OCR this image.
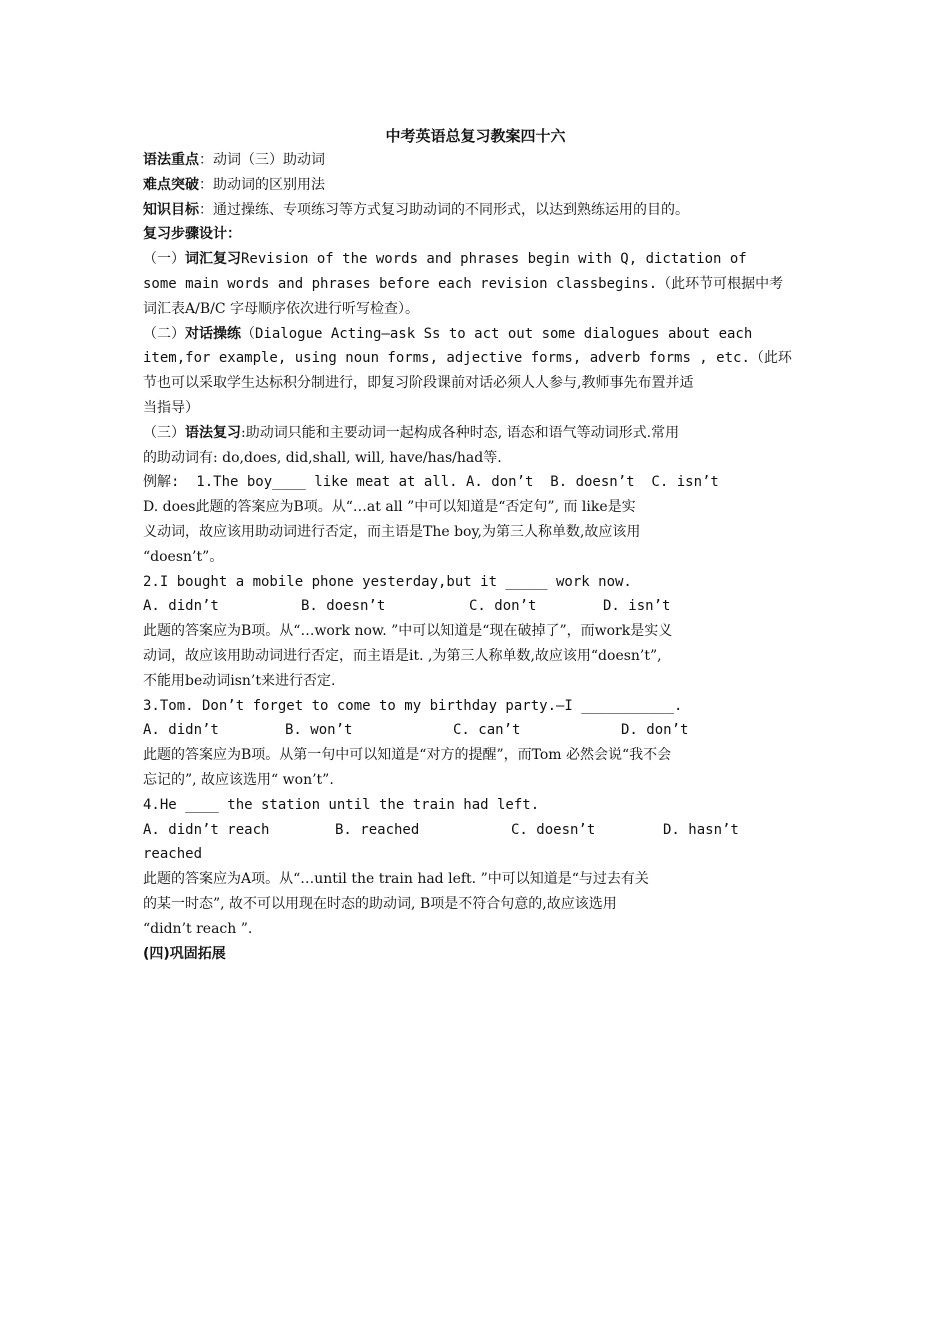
中考英语总复习教案四十六
语法重点：动词（三）助动词
难点突破：助动词的区别用法
知识目标：通过操练、专项练习等方式复习助动词的不同形式，以达到熟练运用的目的。
复习步骤设计：
（一）词汇复习Revision of the words and phrases begin with Q, dictation of
some main words and phrases before each revision classbegins.（此环节可根据中考
词汇表A/B/C 字母顺序依次进行听写检查）。
（二）对话操练（Dialogue Acting—ask Ss to act out some dialogues about each
item,for example, using noun forms, adjective forms, adverb forms , etc.（此环
节也可以采取学生达标积分制进行，即复习阶段课前对话必须人人参与,教师事先布置并适
当指导）
（三）语法复习:助动词只能和主要动词一起构成各种时态, 语态和语气等动词形式.常用
的助动词有: do,does, did,shall, will, have/has/had等.
例解:  1.The boy____ like meat at all. A. don’t  B. doesn’t  C. isn’t
D. does此题的答案应为B项。从“…at all ”中可以知道是“否定句”, 而 like是实
义动词，故应该用助动词进行否定，而主语是The boy,为第三人称单数,故应该用
“doesn’t”。
2.I bought a mobile phone yesterday,but it _____ work now.
A. didn’t	B. doesn’t	C. don’t	D. isn’t
此题的答案应为B项。从“…work now. ”中可以知道是“现在破掉了”，而work是实义
动词，故应该用助动词进行否定，而主语是it. ,为第三人称单数,故应该用“doesn’t”,
不能用be动词isn’t来进行否定.
3.Tom. Don’t forget to come to my birthday party.—I ___________.
A. didn’t	B. won’t	C. can’t	D. don’t
此题的答案应为B项。从第一句中可以知道是“对方的提醒”，而Tom 必然会说“我不会
忘记的”, 故应该选用“ won’t”.
4.He ____ the station until the train had left.
A. didn’t reach	B. reached	C. doesn’t	D. hasn’t
reached
此题的答案应为A项。从“…until the train had left. ”中可以知道是“与过去有关
的某一时态”, 故不可以用现在时态的助动词, B项是不符合句意的,故应该选用
“didn’t reach ”.
(四)巩固拓展
